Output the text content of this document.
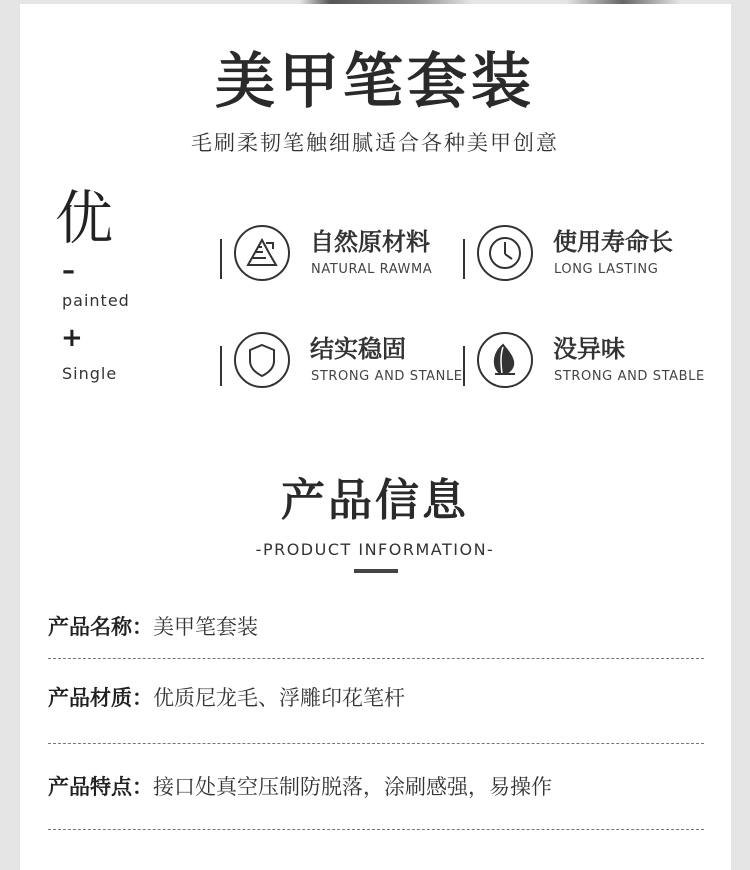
美甲笔套装
毛刷柔韧笔触细腻适合各种美甲创意
优
–
painted
+
Single
自然原材料
NATURAL RAWMA
使用寿命长
LONG LASTING
结实稳固
STRONG AND STANLE
没异味
STRONG AND STABLE
产品信息
-PRODUCT INFORMATION-
产品名称：美甲笔套装
产品材质：优质尼龙毛、浮雕印花笔杆
产品特点：接口处真空压制防脱落，涂刷感强，易操作
